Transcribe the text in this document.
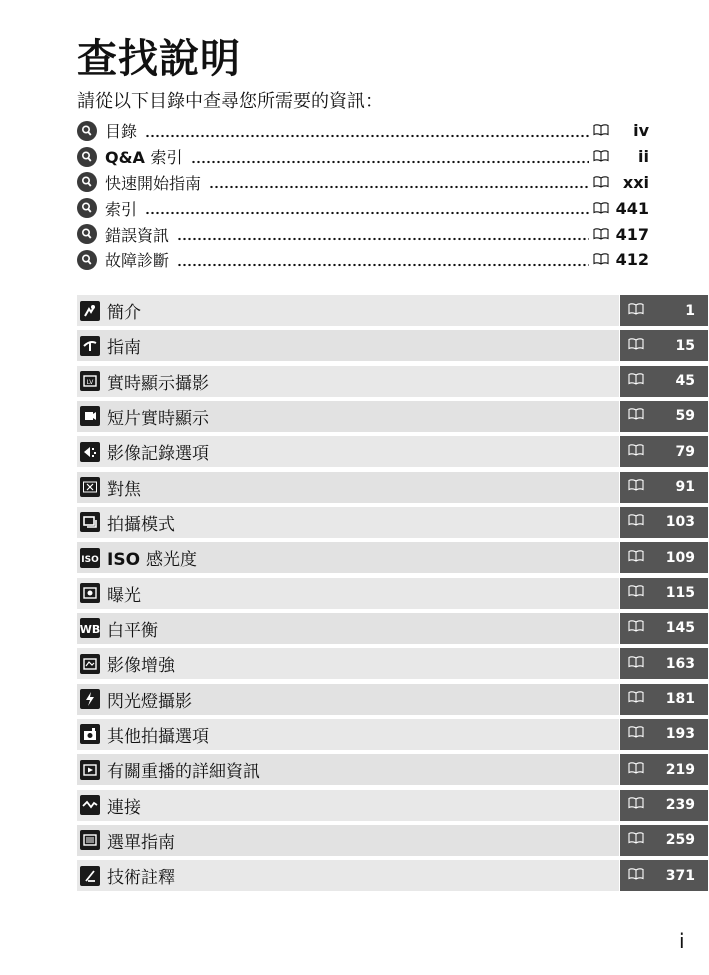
查找說明
請從以下目錄中查尋您所需要的資訊：
目錄	iv
Q&A 索引	ii
快速開始指南	xxi
索引	441
錯誤資訊	417
故障診斷	412
簡介	1
指南	15
LV 實時顯示攝影	45
短片實時顯示	59
影像記錄選項	79
對焦	91
拍攝模式	103
ISO ISO 感光度	109
曝光	115
WB 白平衡	145
影像增強	163
閃光燈攝影	181
其他拍攝選項	193
有關重播的詳細資訊	219
連接	239
選單指南	259
技術註釋	371
i
